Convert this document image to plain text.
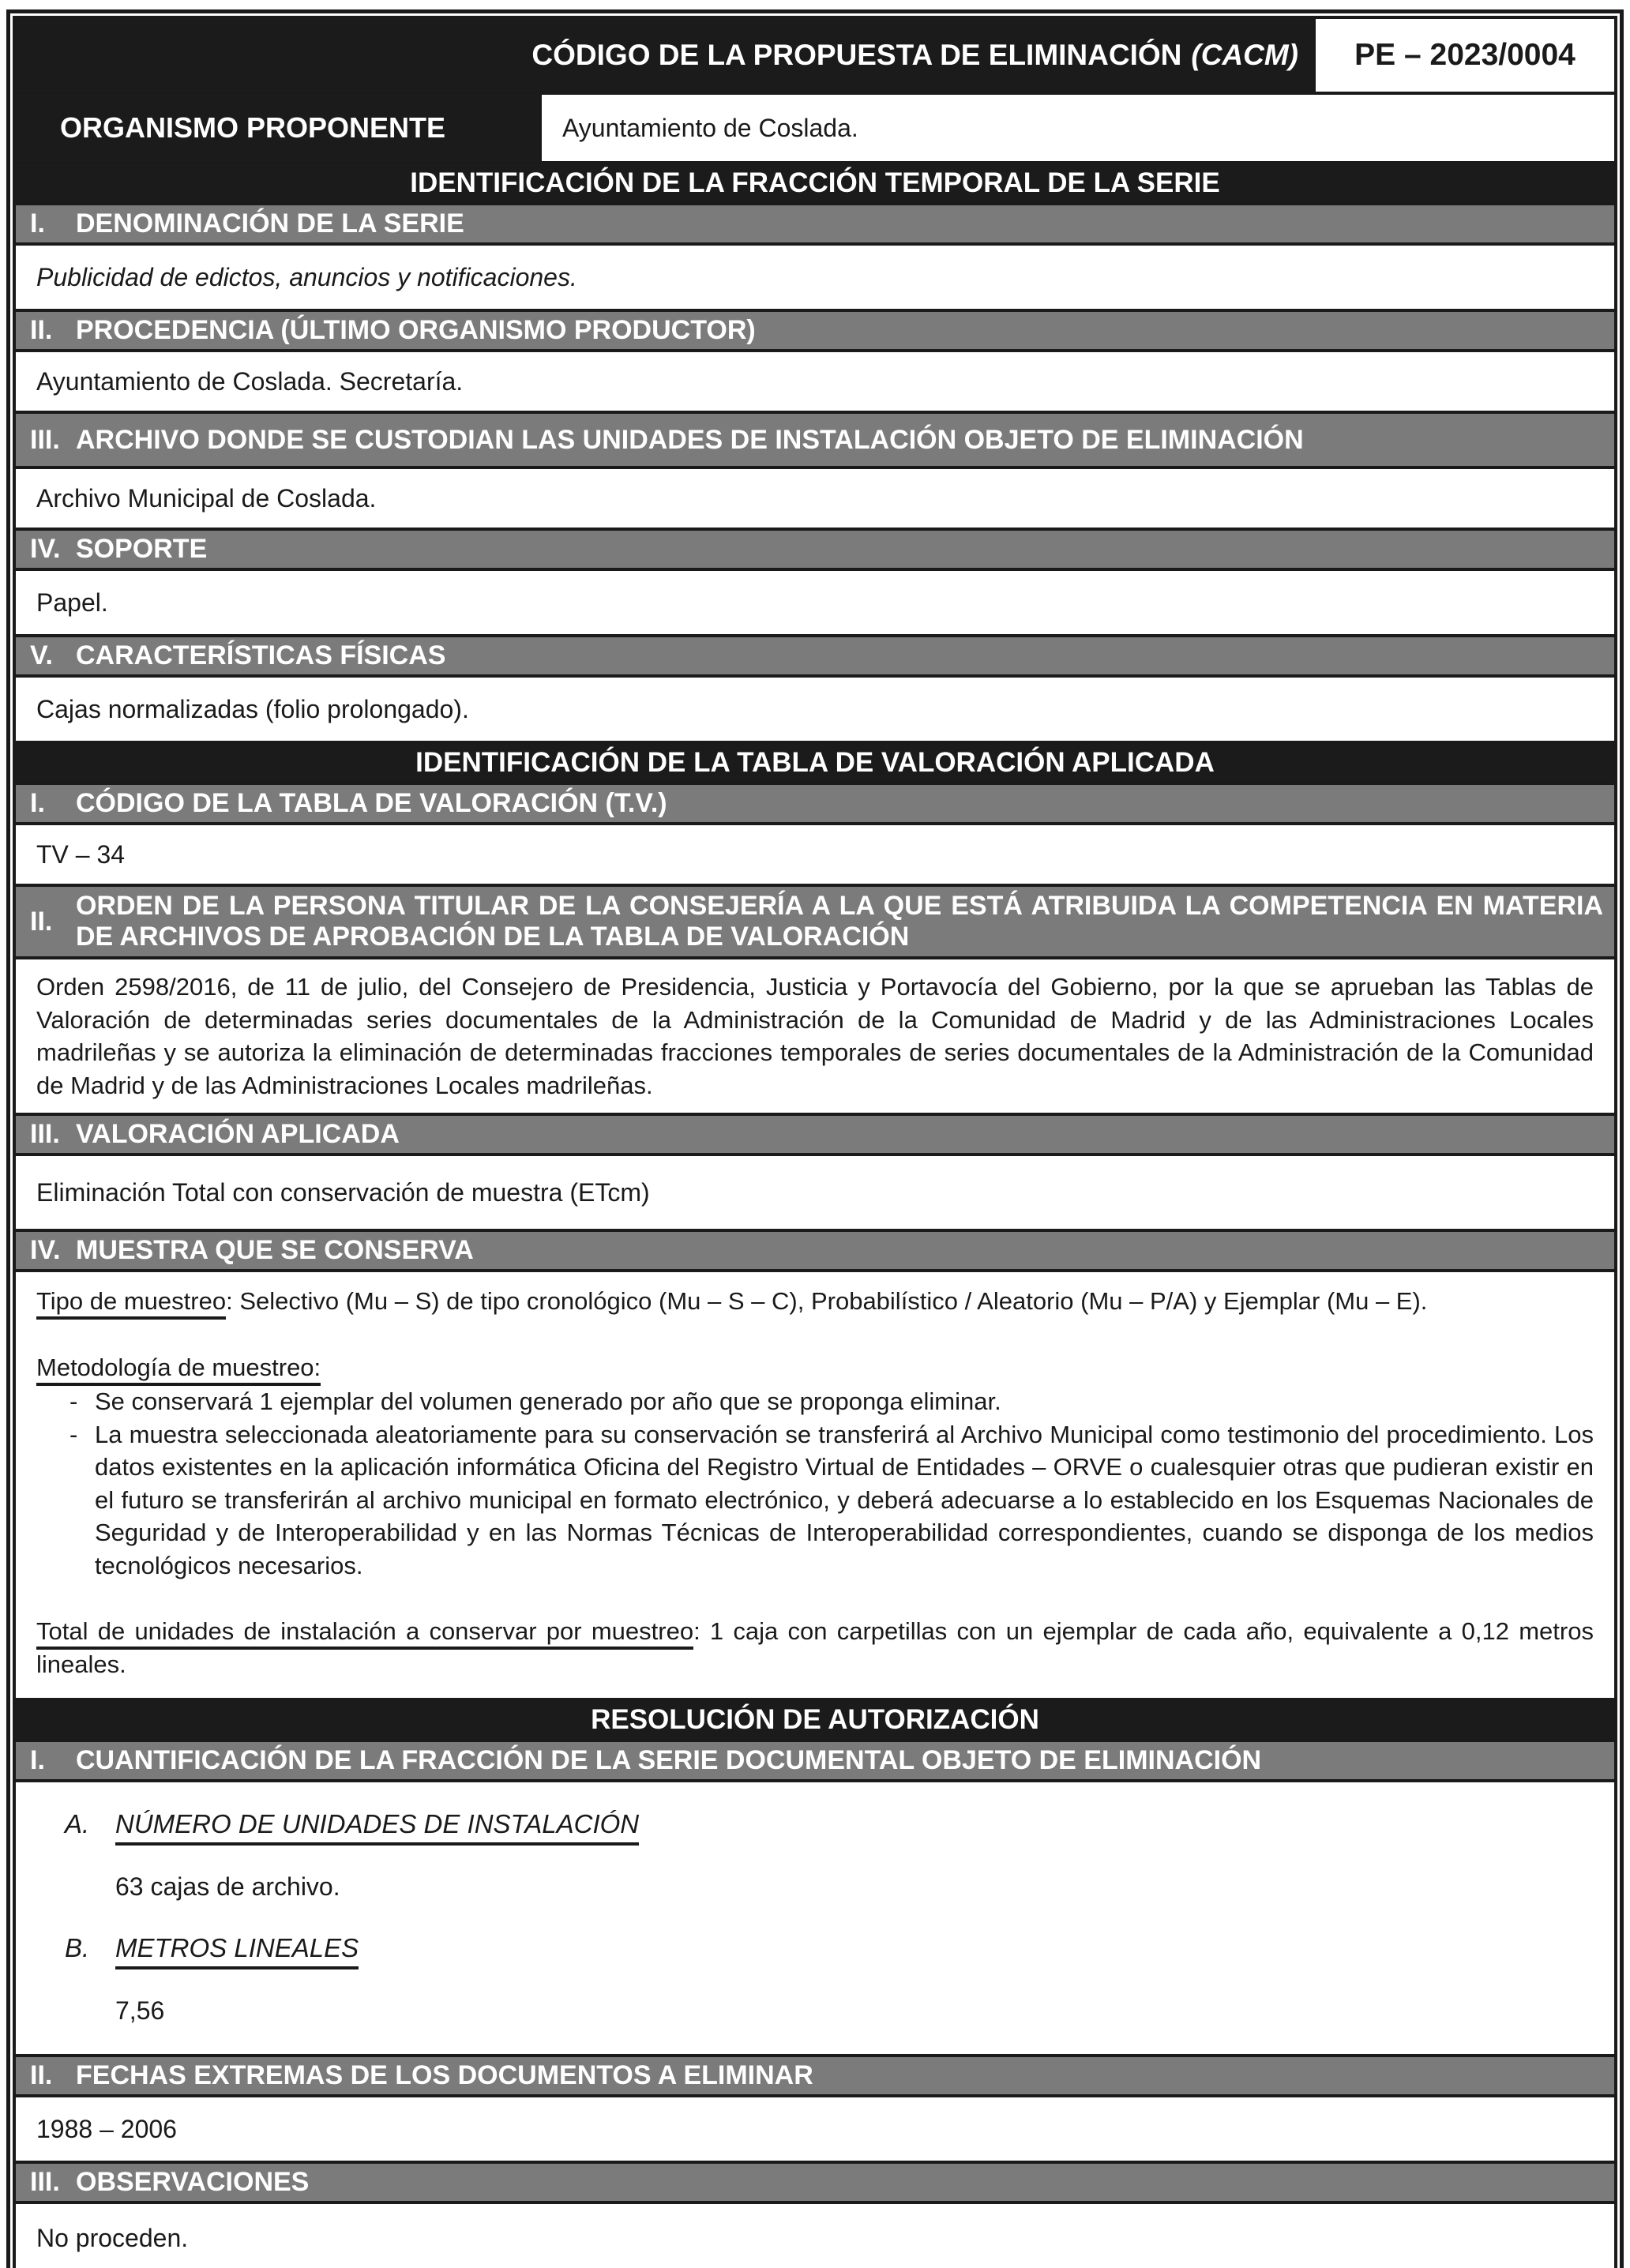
CÓDIGO DE LA PROPUESTA DE ELIMINACIÓN (CACM) PE – 2023/0004
ORGANISMO PROPONENTE	Ayuntamiento de Coslada.
IDENTIFICACIÓN DE LA FRACCIÓN TEMPORAL DE LA SERIE
I.	DENOMINACIÓN DE LA SERIE
Publicidad de edictos, anuncios y notificaciones.
II. PROCEDENCIA (ÚLTIMO ORGANISMO PRODUCTOR)
Ayuntamiento de Coslada. Secretaría.
III. ARCHIVO DONDE SE CUSTODIAN LAS UNIDADES DE INSTALACIÓN OBJETO DE ELIMINACIÓN
Archivo Municipal de Coslada.
IV. SOPORTE
Papel.
V. CARACTERÍSTICAS FÍSICAS
Cajas normalizadas (folio prolongado).
IDENTIFICACIÓN DE LA TABLA DE VALORACIÓN APLICADA
I.	CÓDIGO DE LA TABLA DE VALORACIÓN (T.V.)
TV – 34
II.
ORDEN DE LA PERSONA TITULAR DE LA CONSEJERÍA A LA QUE ESTÁ ATRIBUIDA LA COMPETENCIA EN MATERIA DE ARCHIVOS DE APROBACIÓN DE LA TABLA DE VALORACIÓN

Orden 2598/2016, de 11 de julio, del Consejero de Presidencia, Justicia y Portavocía del Gobierno, por la que se aprueban las Tablas de Valoración de determinadas series documentales de la Administración de la Comunidad de Madrid y de las Administraciones Locales madrileñas y se autoriza la eliminación de determinadas fracciones temporales de series documentales de la Administración de la Comunidad de Madrid y de las Administraciones Locales madrileñas.

III. VALORACIÓN APLICADA
Eliminación Total con conservación de muestra (ETcm)
IV. MUESTRA QUE SE CONSERVA

Tipo de muestreo: Selectivo (Mu – S) de tipo cronológico (Mu – S – C), Probabilístico / Aleatorio (Mu – P/A) y Ejemplar (Mu – E).

Metodología de muestreo:

- Se conservará 1 ejemplar del volumen generado por año que se proponga eliminar.

- La muestra seleccionada aleatoriamente para su conservación se transferirá al Archivo Municipal como testimonio del procedimiento. Los datos existentes en la aplicación informática Oficina del Registro Virtual de Entidades – ORVE o cualesquier otras que pudieran existir en el futuro se transferirán al archivo municipal en formato electrónico, y deberá adecuarse a lo establecido en los Esquemas Nacionales de Seguridad y de Interoperabilidad y en las Normas Técnicas de Interoperabilidad correspondientes, cuando se disponga de los medios tecnológicos necesarios.

Total de unidades de instalación a conservar por muestreo: 1 caja con carpetillas con un ejemplar de cada año, equivalente a 0,12 metros lineales.

RESOLUCIÓN DE AUTORIZACIÓN
I.	CUANTIFICACIÓN DE LA FRACCIÓN DE LA SERIE DOCUMENTAL OBJETO DE ELIMINACIÓN
A. NÚMERO DE UNIDADES DE INSTALACIÓN
63 cajas de archivo.
B. METROS LINEALES
7,56
II. FECHAS EXTREMAS DE LOS DOCUMENTOS A ELIMINAR
1988 – 2006
III. OBSERVACIONES
No proceden.
